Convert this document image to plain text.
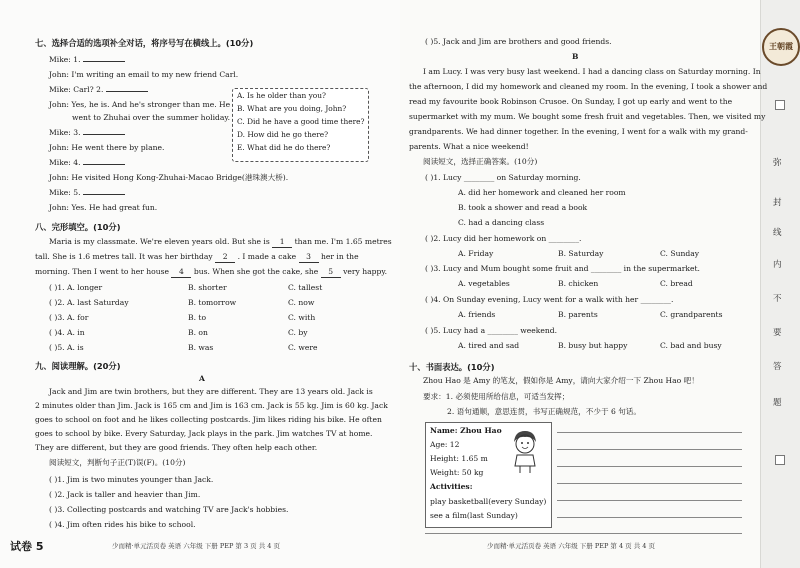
七、选择合适的选项补全对话，将序号写在横线上。(10分)
Mike: 1.
John: I'm writing an email to my new friend Carl.
Mike: Carl? 2.
John: Yes, he is. And he's stronger than me. He
went to Zhuhai over the summer holiday.
Mike: 3.
John: He went there by plane.
Mike: 4.
John: He visited Hong Kong-Zhuhai-Macao Bridge(港珠澳大桥).
Mike: 5.
John: Yes. He had great fun.
A. Is he older than you?
B. What are you doing, John?
C. Did he have a good time there?
D. How did he go there?
E. What did he do there?
八、完形填空。(10分)
Maria is my classmate. We're eleven years old. But she is 1 than me. I'm 1.65 metres
tall. She is 1.6 metres tall. It was her birthday 2 . I made a cake 3 her in the
morning. Then I went to her house 4 bus. When she got the cake, she 5 very happy.
( )1. A. longer	B. shorter	C. tallest
( )2. A. last Saturday	B. tomorrow	C. now
( )3. A. for	B. to	C. with
( )4. A. in	B. on	C. by
( )5. A. is	B. was	C. were
九、阅读理解。(20分)
A
Jack and Jim are twin brothers, but they are different. They are 13 years old. Jack is
2 minutes older than Jim. Jack is 165 cm and Jim is 163 cm. Jack is 55 kg. Jim is 60 kg. Jack
goes to school on foot and he likes collecting postcards. Jim likes riding his bike. He often
goes to school by bike. Every Saturday, Jack plays in the park. Jim watches TV at home.
They are different, but they are good friends. They often help each other.
阅读短文，判断句子正(T)误(F)。(10分)
( )1. Jim is two minutes younger than Jack.
( )2. Jack is taller and heavier than Jim.
( )3. Collecting postcards and watching TV are Jack's hobbies.
( )4. Jim often rides his bike to school.
试卷 5	少而精·单元活页卷 英语 六年级 下册 PEP 第 3 页 共 4 页
( )5. Jack and Jim are brothers and good friends.
B
I am Lucy. I was very busy last weekend. I had a dancing class on Saturday morning. In
the afternoon, I did my homework and cleaned my room. In the evening, I took a shower and
read my favourite book Robinson Crusoe. On Sunday, I got up early and went to the
supermarket with my mum. We bought some fresh fruit and vegetables. Then, we visited my
grandparents. We had dinner together. In the evening, I went for a walk with my grand-
parents. What a nice weekend!
阅读短文，选择正确答案。(10分)
( )1. Lucy ________ on Saturday morning.
A. did her homework and cleaned her room
B. took a shower and read a book
C. had a dancing class
( )2. Lucy did her homework on ________.
A. Friday	B. Saturday	C. Sunday
( )3. Lucy and Mum bought some fruit and ________ in the supermarket.
A. vegetables	B. chicken	C. bread
( )4. On Sunday evening, Lucy went for a walk with her ________.
A. friends	B. parents	C. grandparents
( )5. Lucy had a ________ weekend.
A. tired and sad	B. busy but happy	C. bad and busy
十、书面表达。(10分)
Zhou Hao 是 Amy 的笔友，假如你是 Amy，请向大家介绍一下 Zhou Hao 吧！
要求：1. 必须使用所给信息，可适当发挥；
2. 语句通顺，意思连贯，书写正确规范，不少于 6 句话。
Name: Zhou Hao
Age: 12
Height: 1.65 m
Weight: 50 kg
Activities:
play basketball(every Sunday)
see a film(last Sunday)
少而精·单元活页卷 英语 六年级 下册 PEP 第 4 页 共 4 页
王朝霞
弥
封
线
内
不
要
答
题
